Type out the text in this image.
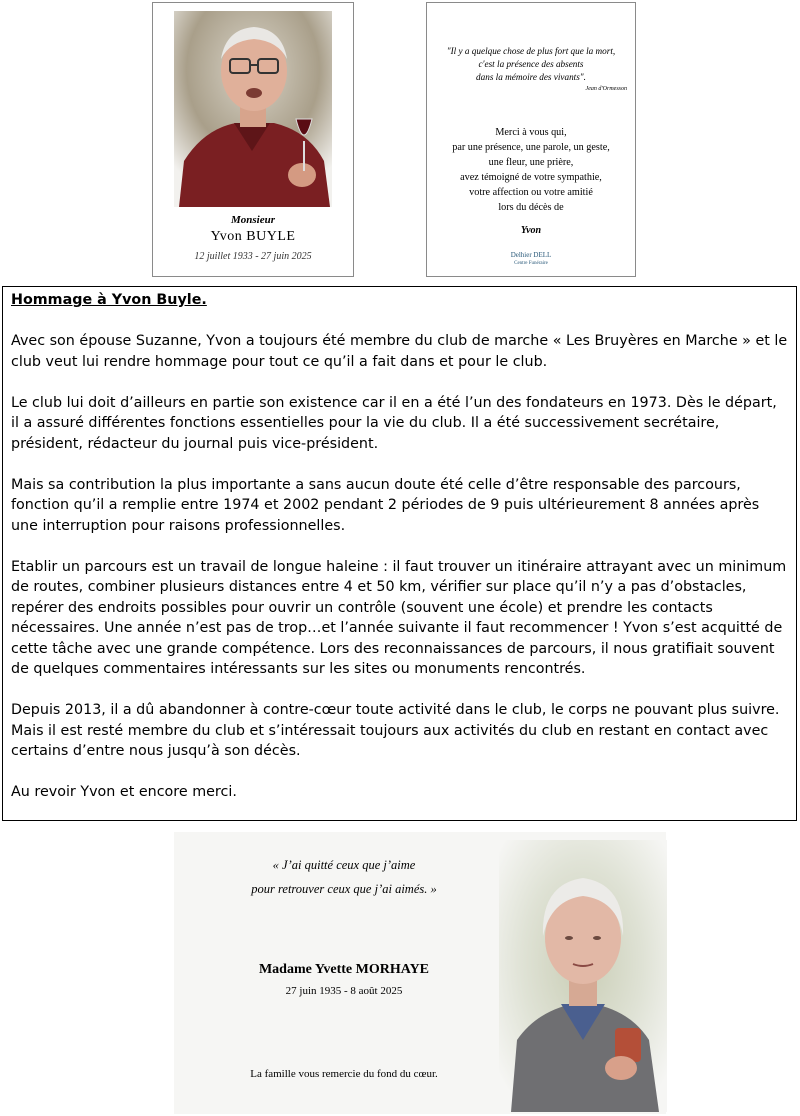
Monsieur
Yvon BUYLE
12 juillet 1933 - 27 juin 2025
"Il y a quelque chose de plus fort que la mort,
c'est la présence des absents
dans la mémoire des vivants".
Jean d'Ormesson
Merci à vous qui,
par une présence, une parole, un geste,
une fleur, une prière,
avez témoigné de votre sympathie,
votre affection ou votre amitié
lors du décès de
Yvon
Delhier DELL
Centre Funéraire
Hommage à Yvon Buyle.

Avec son épouse Suzanne, Yvon a toujours été membre du club de marche « Les Bruyères en Marche » et le club veut lui rendre hommage pour tout ce qu’il a fait dans et pour le club.

Le club lui doit d’ailleurs en partie son existence car il en a été l’un des fondateurs en 1973. Dès le départ, il a assuré différentes fonctions essentielles pour la vie du club. Il a été successivement secrétaire, président, rédacteur du journal puis vice-président.

Mais sa contribution la plus importante a sans aucun doute été celle d’être responsable des parcours, fonction qu’il a remplie entre 1974 et 2002 pendant 2 périodes de 9 puis ultérieurement 8 années après une interruption pour raisons professionnelles.

Etablir un parcours est un travail de longue haleine : il faut trouver un itinéraire attrayant avec un minimum de routes, combiner plusieurs distances entre 4 et 50 km, vérifier sur place qu’il n’y a pas d’obstacles, repérer des endroits possibles pour ouvrir un contrôle (souvent une école) et prendre les contacts nécessaires. Une année n’est pas de trop…et l’année suivante il faut recommencer ! Yvon s’est acquitté de cette tâche avec une grande compétence. Lors des reconnaissances de parcours, il nous gratifiait souvent de quelques commentaires intéressants sur les sites ou monuments rencontrés.

Depuis 2013, il a dû abandonner à contre-cœur toute activité dans le club, le corps ne pouvant plus suivre. Mais il est resté membre du club et s’intéressait toujours aux activités du club en restant en contact avec certains d’entre nous jusqu’à son décès.

Au revoir Yvon et encore merci.

« J’ai quitté ceux que j’aime
pour retrouver ceux que j’ai aimés. »
Madame Yvette MORHAYE
27 juin 1935 - 8 août 2025
La famille vous remercie du fond du cœur.
